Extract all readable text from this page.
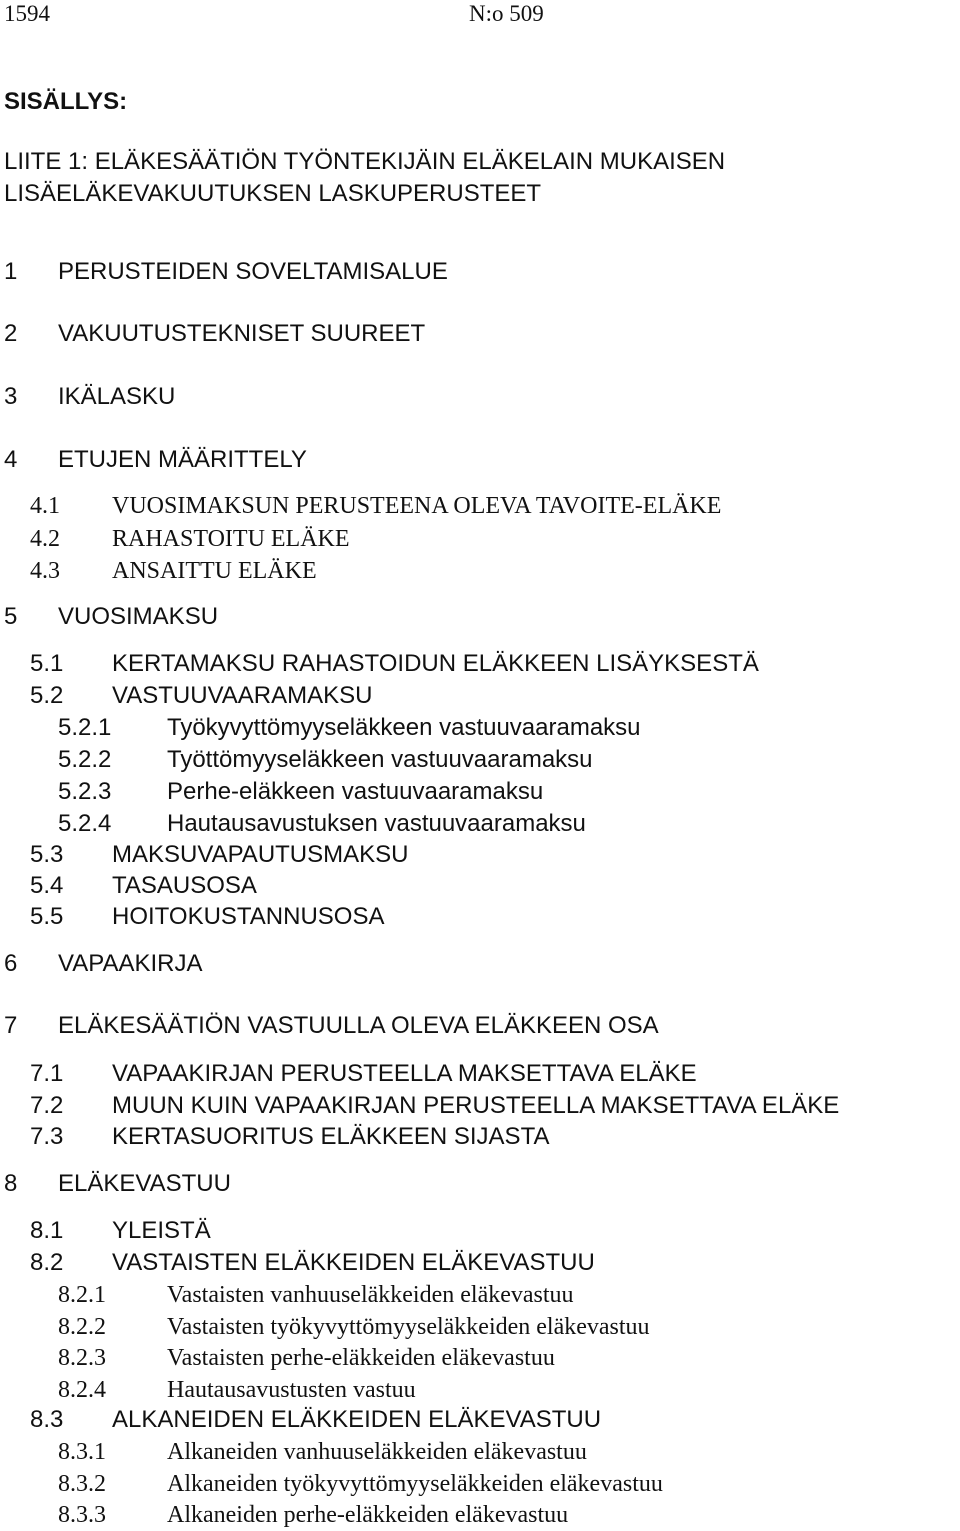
1594	N:o 509
SISÄLLYS:
LIITE 1: ELÄKESÄÄTIÖN TYÖNTEKIJÄIN ELÄKELAIN MUKAISEN
LISÄELÄKEVAKUUTUKSEN LASKUPERUSTEET
1 PERUSTEIDEN SOVELTAMISALUE
2 VAKUUTUSTEKNISET SUUREET
3 IKÄLASKU
4 ETUJEN MÄÄRITTELY
4.1 VUOSIMAKSUN PERUSTEENA OLEVA TAVOITE-ELÄKE
4.2 RAHASTOITU ELÄKE
4.3 ANSAITTU ELÄKE
5 VUOSIMAKSU
5.1 KERTAMAKSU RAHASTOIDUN ELÄKKEEN LISÄYKSESTÄ
5.2 VASTUUVAARAMAKSU
5.2.1 Työkyvyttömyyseläkkeen vastuuvaaramaksu
5.2.2 Työttömyyseläkkeen vastuuvaaramaksu
5.2.3 Perhe-eläkkeen vastuuvaaramaksu
5.2.4 Hautausavustuksen vastuuvaaramaksu
5.3 MAKSUVAPAUTUSMAKSU
5.4 TASAUSOSA
5.5 HOITOKUSTANNUSOSA
6 VAPAAKIRJA
7 ELÄKESÄÄTIÖN VASTUULLA OLEVA ELÄKKEEN OSA
7.1 VAPAAKIRJAN PERUSTEELLA MAKSETTAVA ELÄKE
7.2 MUUN KUIN VAPAAKIRJAN PERUSTEELLA MAKSETTAVA ELÄKE
7.3 KERTASUORITUS ELÄKKEEN SIJASTA
8 ELÄKEVASTUU
8.1 YLEISTÄ
8.2 VASTAISTEN ELÄKKEIDEN ELÄKEVASTUU
8.2.1	Vastaisten vanhuuseläkkeiden eläkevastuu
8.2.2	Vastaisten työkyvyttömyyseläkkeiden eläkevastuu
8.2.3	Vastaisten perhe-eläkkeiden eläkevastuu
8.2.4	Hautausavustusten vastuu
8.3 ALKANEIDEN ELÄKKEIDEN ELÄKEVASTUU
8.3.1	Alkaneiden vanhuuseläkkeiden eläkevastuu
8.3.2	Alkaneiden työkyvyttömyyseläkkeiden eläkevastuu
8.3.3	Alkaneiden perhe-eläkkeiden eläkevastuu
